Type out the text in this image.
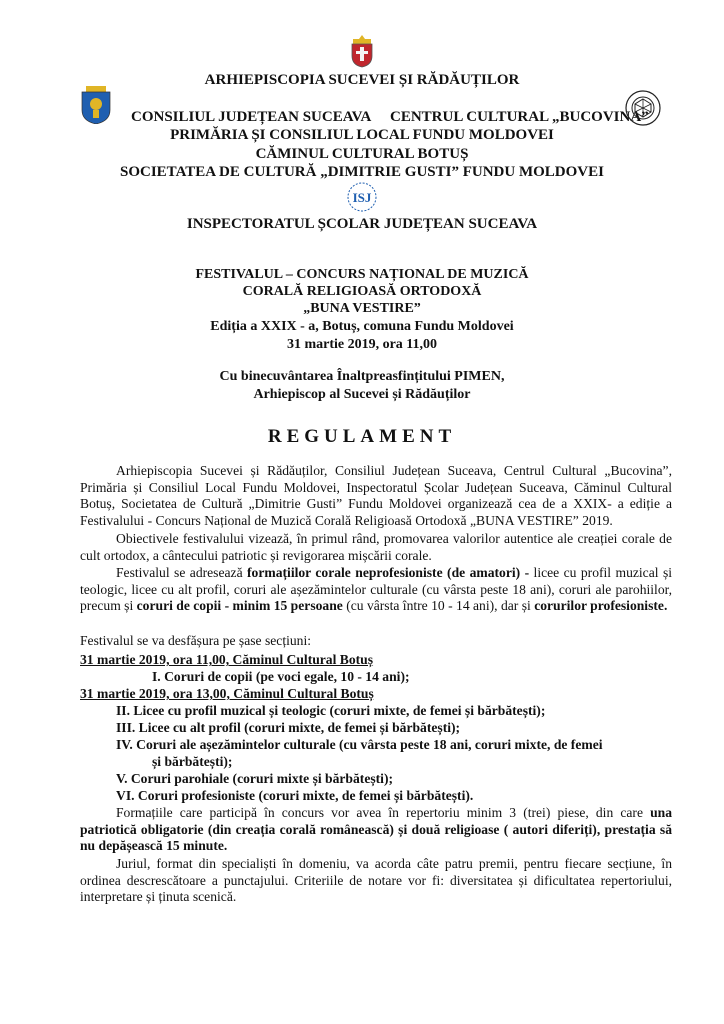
ARHIEPISCOPIA SUCEVEI ȘI RĂDĂUȚILOR
CONSILIUL JUDEȚEAN SUCEAVA CENTRUL CULTURAL „BUCOVINA”
PRIMĂRIA ȘI CONSILIUL LOCAL FUNDU MOLDOVEI
CĂMINUL CULTURAL BOTUȘ
SOCIETATEA DE CULTURĂ „DIMITRIE GUSTI” FUNDU MOLDOVEI
ISJ
INSPECTORATUL ȘCOLAR JUDEȚEAN SUCEAVA
FESTIVALUL – CONCURS NAȚIONAL DE MUZICĂ
CORALĂ RELIGIOASĂ ORTODOXĂ
„BUNA VESTIRE”
Ediția a XXIX - a, Botuș, comuna Fundu Moldovei
31 martie 2019, ora 11,00
Cu binecuvântarea Înaltpreasfințitului PIMEN,
Arhiepiscop al Sucevei și Rădăuților
REGULAMENT
Arhiepiscopia Sucevei și Rădăuților, Consiliul Județean Suceava, Centrul Cultural „Bucovina”, Primăria și Consiliul Local Fundu Moldovei, Inspectoratul Școlar Județean Suceava, Căminul Cultural Botuș, Societatea de Cultură „Dimitrie Gusti” Fundu Moldovei organizează cea de a XXIX- a ediție a Festivalului - Concurs Național de Muzică Corală Religioasă Ortodoxă „BUNA VESTIRE” 2019.
Obiectivele festivalului vizează, în primul rând, promovarea valorilor autentice ale creației corale de cult ortodox, a cântecului patriotic și revigorarea mișcării corale.
Festivalul se adresează formațiilor corale neprofesioniste (de amatori) - licee cu profil muzical și teologic, licee cu alt profil, coruri ale așezămintelor culturale (cu vârsta peste 18 ani), coruri ale parohiilor, precum și coruri de copii - minim 15 persoane (cu vârsta între 10 - 14 ani), dar și corurilor profesioniste.
Festivalul se va desfășura pe șase secțiuni:
31 martie 2019, ora 11,00, Căminul Cultural Botuș
I. Coruri de copii (pe voci egale, 10 - 14 ani);
31 martie 2019, ora 13,00, Căminul Cultural Botuș
II. Licee cu profil muzical și teologic (coruri mixte, de femei și bărbătești);
III. Licee cu alt profil (coruri mixte, de femei și bărbătești);
IV. Coruri ale așezămintelor culturale (cu vârsta peste 18 ani, coruri mixte, de femei
și bărbătești);
V. Coruri parohiale (coruri mixte și bărbătești);
VI. Coruri profesioniste (coruri mixte, de femei și bărbătești).
Formațiile care participă în concurs vor avea în repertoriu minim 3 (trei) piese, din care una patriotică obligatorie (din creația corală românească) și două religioase ( autori diferiți), prestația să nu depășească 15 minute.
Juriul, format din specialiști în domeniu, va acorda câte patru premii, pentru fiecare secțiune, în ordinea descrescătoare a punctajului. Criteriile de notare vor fi: diversitatea și dificultatea repertoriului, interpretare și ținuta scenică.
